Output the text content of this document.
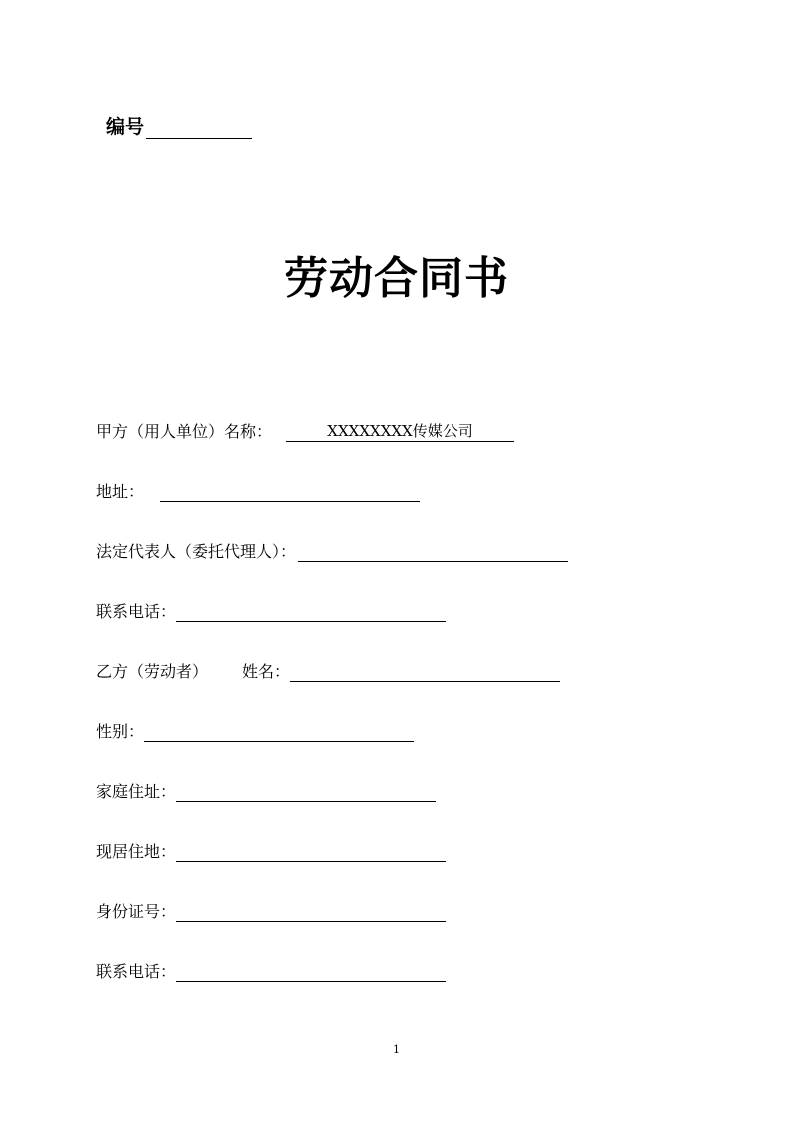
编号
劳动合同书
甲方（用人单位）名称：	XXXXXXXX传媒公司
地址：
法定代表人（委托代理人）：
联系电话：
乙方（劳动者） 姓名：
性别：
家庭住址：
现居住地：
身份证号：
联系电话：
1
